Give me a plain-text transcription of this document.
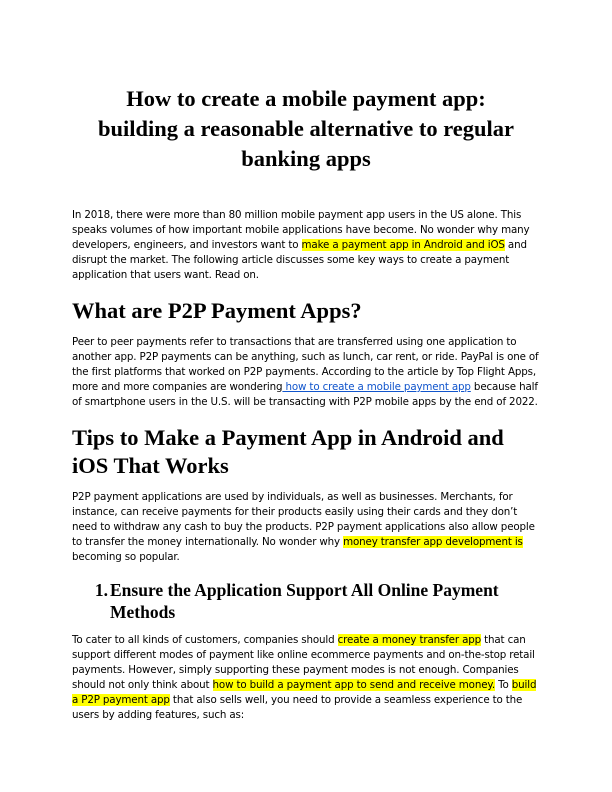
How to create a mobile payment app:
building a reasonable alternative to regular
banking apps

In 2018, there were more than 80 million mobile payment app users in the US alone. This speaks volumes of how important mobile applications have become. No wonder why many developers, engineers, and investors want to make a payment app in Android and iOS and disrupt the market. The following article discusses some key ways to create a payment application that users want. Read on.

What are P2P Payment Apps?

Peer to peer payments refer to transactions that are transferred using one application to another app. P2P payments can be anything, such as lunch, car rent, or ride. PayPal is one of the first platforms that worked on P2P payments. According to the article by Top Flight Apps, more and more companies are wondering how to create a mobile payment app because half of smartphone users in the U.S. will be transacting with P2P mobile apps by the end of 2022.

Tips to Make a Payment App in Android and
iOS That Works

P2P payment applications are used by individuals, as well as businesses. Merchants, for instance, can receive payments for their products easily using their cards and they don’t need to withdraw any cash to buy the products. P2P payment applications also allow people to transfer the money internationally. No wonder why money transfer app development is becoming so popular.

1. Ensure the Application Support All Online Payment
Methods

To cater to all kinds of customers, companies should create a money transfer app that can support different modes of payment like online ecommerce payments and on-the-stop retail payments. However, simply supporting these payment modes is not enough. Companies should not only think about how to build a payment app to send and receive money. To build a P2P payment app that also sells well, you need to provide a seamless experience to the users by adding features, such as:
